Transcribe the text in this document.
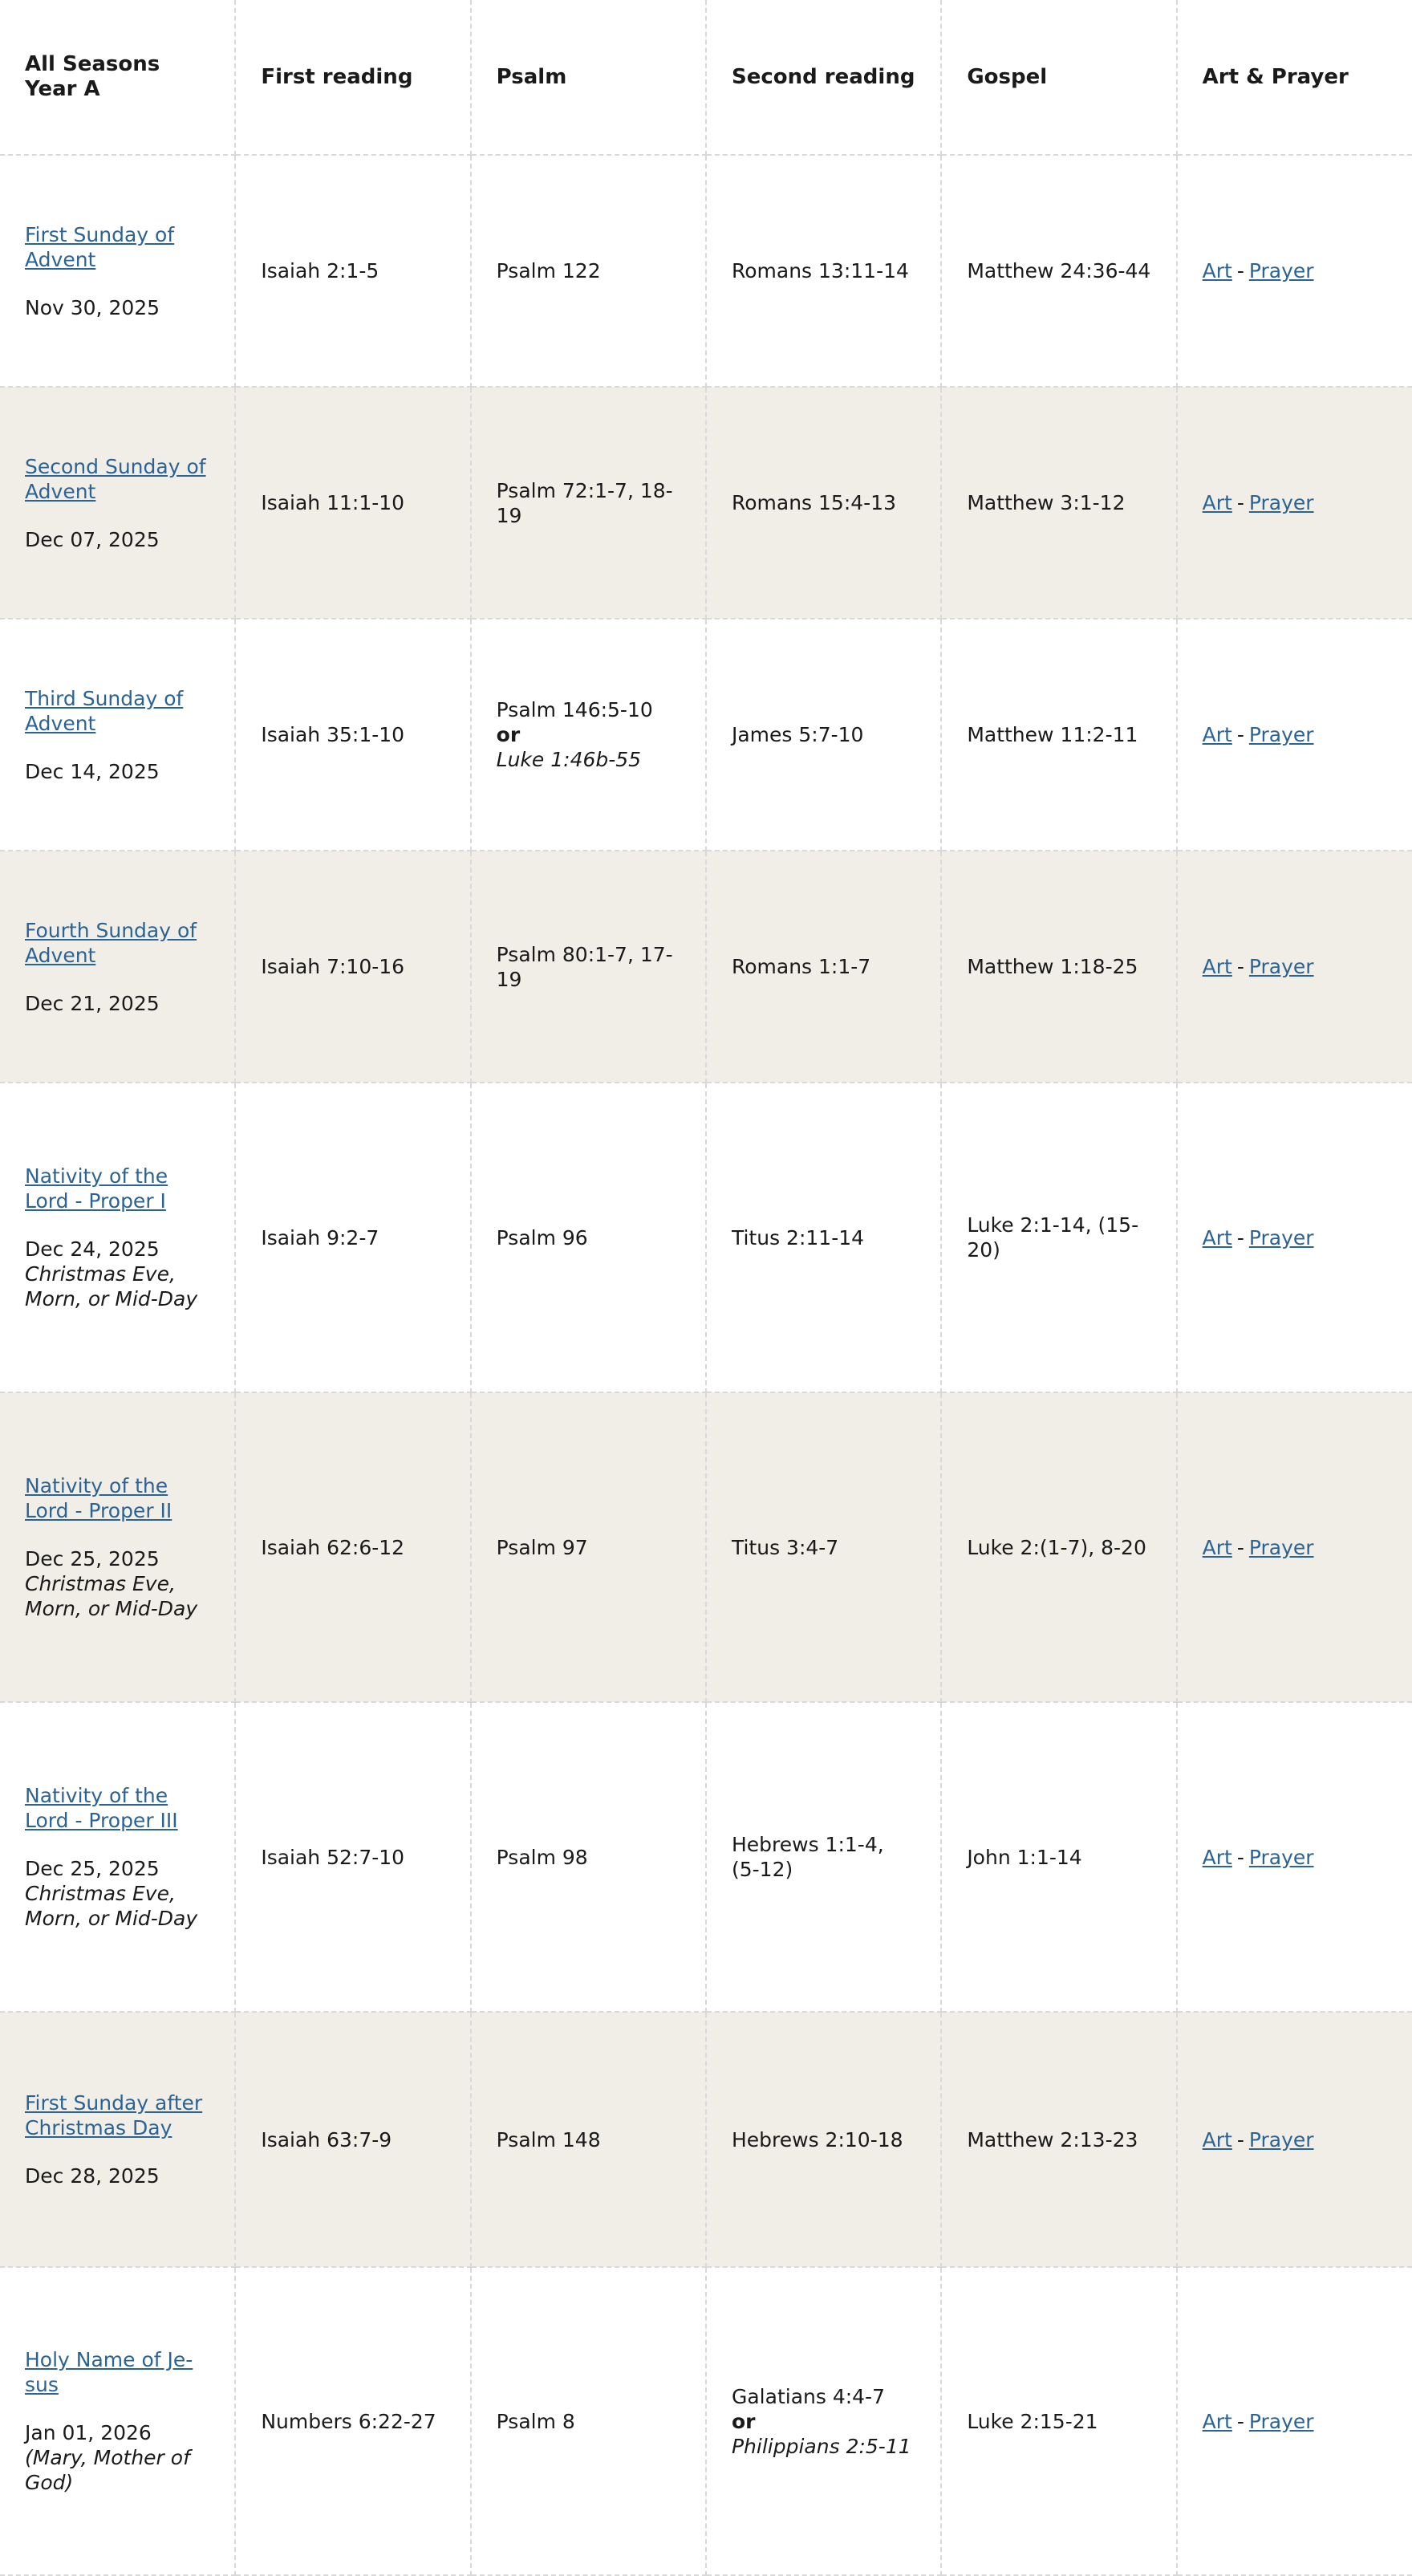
All Seasons Year A	First reading	Psalm	Second reading	Gospel	Art & Prayer
First Sunday of Advent
Nov 30, 2025	Isaiah 2:1-5	Psalm 122	Romans 13:11-14	Matthew 24:36-44	Art - Prayer
Second Sunday of Advent
Dec 07, 2025	Isaiah 11:1-10	Psalm 72:1-7, 18-19	Romans 15:4-13	Matthew 3:1-12	Art - Prayer
Third Sunday of Advent
Dec 14, 2025	Isaiah 35:1-10	Psalm 146:5-10
or
Luke 1:46b-55	James 5:7-10	Matthew 11:2-11	Art - Prayer
Fourth Sunday of Advent
Dec 21, 2025	Isaiah 7:10-16	Psalm 80:1-7, 17-19	Romans 1:1-7	Matthew 1:18-25	Art - Prayer
Nativity of the Lord - Proper I
Dec 24, 2025
Christmas Eve, Morn, or Mid-Day	Isaiah 9:2-7	Psalm 96	Titus 2:11-14	Luke 2:1-14, (15-20)	Art - Prayer
Nativity of the Lord - Proper II
Dec 25, 2025
Christmas Eve, Morn, or Mid-Day	Isaiah 62:6-12	Psalm 97	Titus 3:4-7	Luke 2:(1-7), 8-20	Art - Prayer
Nativity of the Lord - Proper III
Dec 25, 2025
Christmas Eve, Morn, or Mid-Day	Isaiah 52:7-10	Psalm 98	Hebrews 1:1-4, (5-12)	John 1:1-14	Art - Prayer
First Sunday after Christmas Day
Dec 28, 2025	Isaiah 63:7-9	Psalm 148	Hebrews 2:10-18	Matthew 2:13-23	Art - Prayer
Holy Name of Je-sus
Jan 01, 2026
(Mary, Mother of God)	Numbers 6:22-27	Psalm 8	Galatians 4:4-7
or
Philippians 2:5-11	Luke 2:15-21	Art - Prayer
